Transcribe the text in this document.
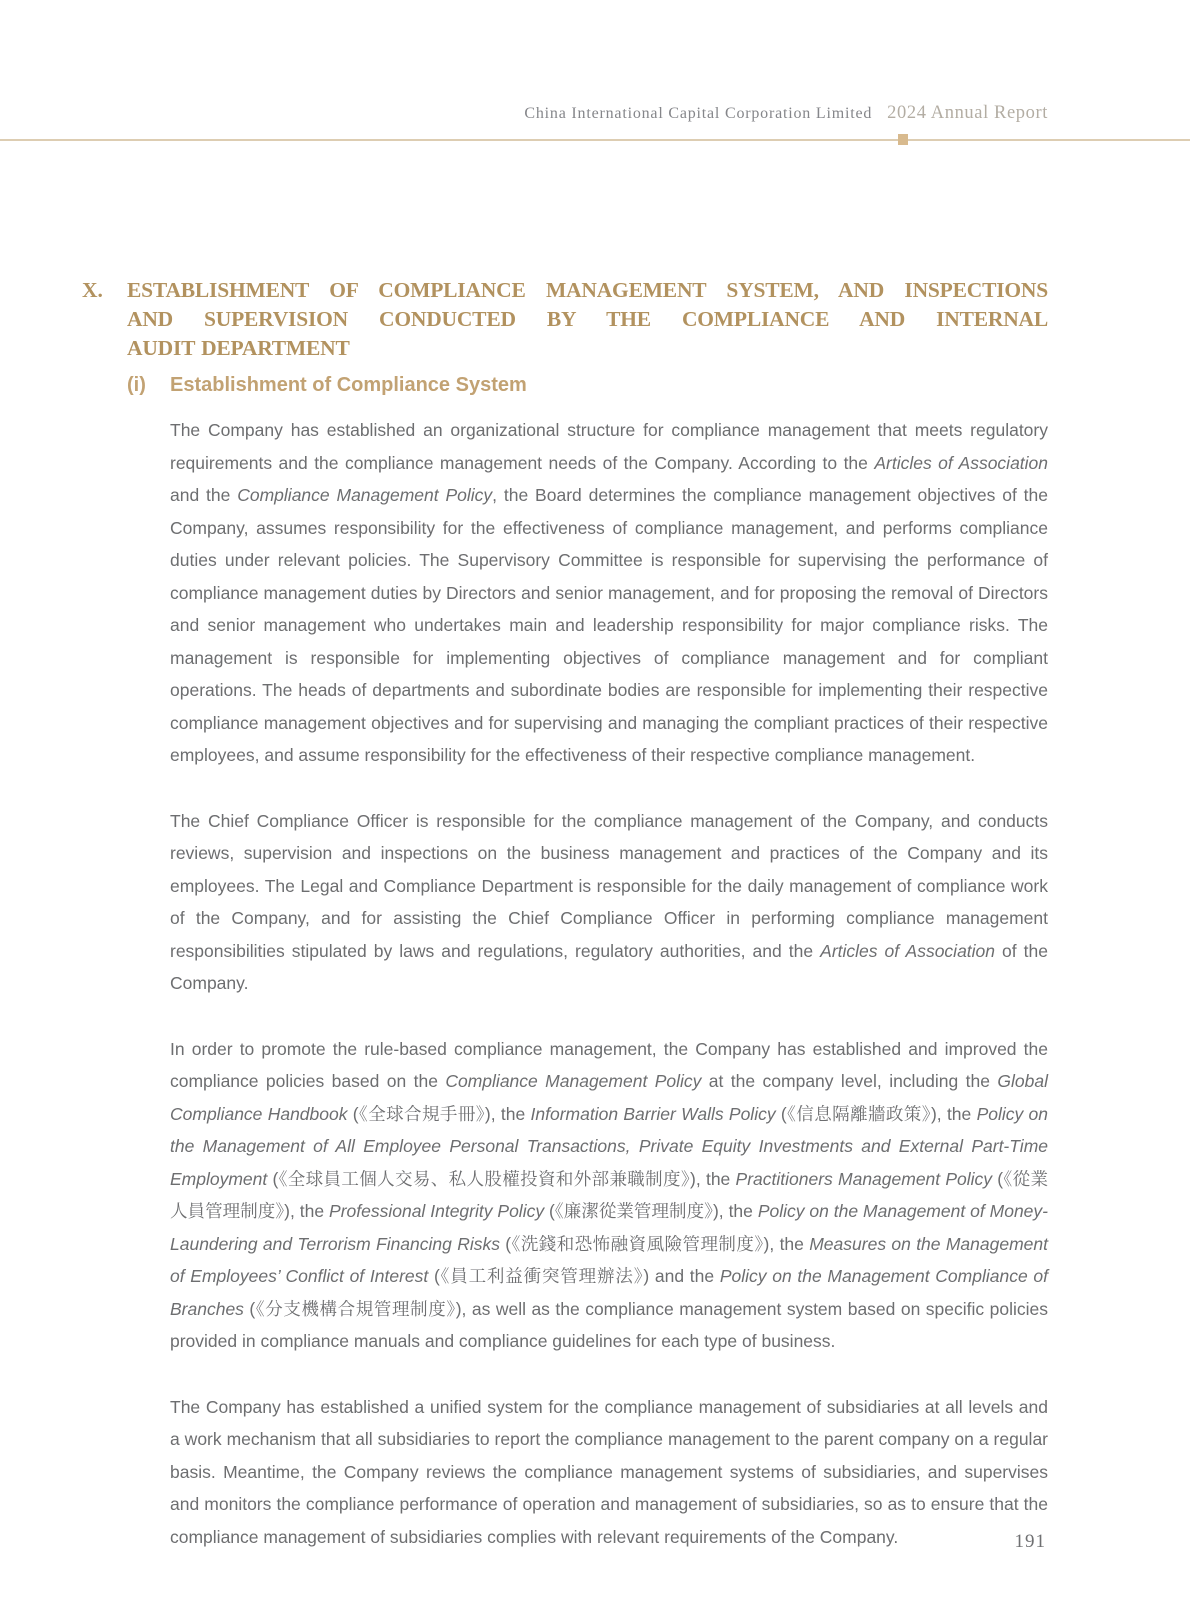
China International Capital Corporation Limited 2024 Annual Report
X.	ESTABLISHMENT OF COMPLIANCE MANAGEMENT SYSTEM, AND INSPECTIONS
AND SUPERVISION CONDUCTED BY THE COMPLIANCE AND INTERNAL
AUDIT DEPARTMENT
(i)	Establishment of Compliance System

The Company has established an organizational structure for compliance management that meets regulatory requirements and the compliance management needs of the Company. According to the Articles of Association and the Compliance Management Policy, the Board determines the compliance management objectives of the Company, assumes responsibility for the effectiveness of compliance management, and performs compliance duties under relevant policies. The Supervisory Committee is responsible for supervising the performance of compliance management duties by Directors and senior management, and for proposing the removal of Directors and senior management who undertakes main and leadership responsibility for major compliance risks. The management is responsible for implementing objectives of compliance management and for compliant operations. The heads of departments and subordinate bodies are responsible for implementing their respective compliance management objectives and for supervising and managing the compliant practices of their respective employees, and assume responsibility for the effectiveness of their respective compliance management.

The Chief Compliance Officer is responsible for the compliance management of the Company, and conducts reviews, supervision and inspections on the business management and practices of the Company and its employees. The Legal and Compliance Department is responsible for the daily management of compliance work of the Company, and for assisting the Chief Compliance Officer in performing compliance management responsibilities stipulated by laws and regulations, regulatory authorities, and the Articles of Association of the Company.

In order to promote the rule-based compliance management, the Company has established and improved the compliance policies based on the Compliance Management Policy at the company level, including the Global Compliance Handbook (《全球合規手冊》), the Information Barrier Walls Policy (《信息隔離牆政策》), the Policy on the Management of All Employee Personal Transactions, Private Equity Investments and External Part-Time Employment (《全球員工個人交易、私人股權投資和外部兼職制度》), the Practitioners Management Policy (《從業人員管理制度》), the Professional Integrity Policy (《廉潔從業管理制度》), the Policy on the Management of Money-Laundering and Terrorism Financing Risks (《洗錢和恐怖融資風險管理制度》), the Measures on the Management of Employees’ Conflict of Interest (《員工利益衝突管理辦法》) and the Policy on the Management Compliance of Branches (《分支機構合規管理制度》), as well as the compliance management system based on specific policies provided in compliance manuals and compliance guidelines for each type of business.

The Company has established a unified system for the compliance management of subsidiaries at all levels and a work mechanism that all subsidiaries to report the compliance management to the parent company on a regular basis. Meantime, the Company reviews the compliance management systems of subsidiaries, and supervises and monitors the compliance performance of operation and management of subsidiaries, so as to ensure that the compliance management of subsidiaries complies with relevant requirements of the Company.	191
